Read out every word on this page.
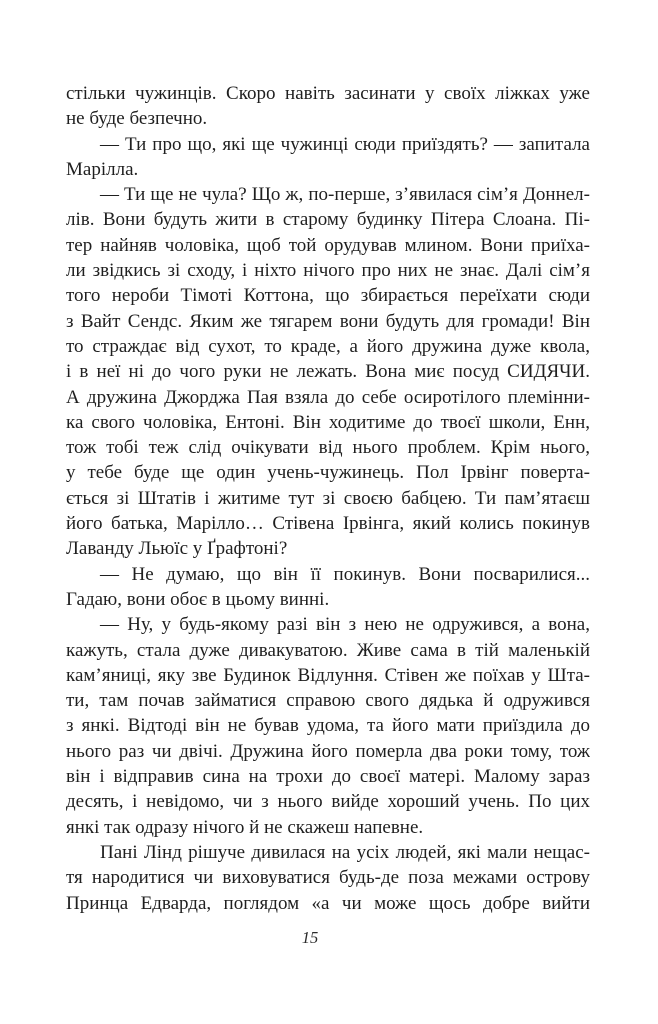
стільки чужинців. Скоро навіть засинати у своїх ліжках уже
не буде безпечно.
— Ти про що, які ще чужинці сюди приїздять? — запитала
Марілла.
— Ти ще не чула? Що ж, по-перше, з’явилася сім’я Доннел-
лів. Вони будуть жити в старому будинку Пітера Слоана. Пі-
тер найняв чоловіка, щоб той орудував млином. Вони приїха-
ли звідкись зі сходу, і ніхто нічого про них не знає. Далі сім’я
того нероби Тімоті Коттона, що збирається переїхати сюди
з Вайт Сендс. Яким же тягарем вони будуть для громади! Він
то страждає від сухот, то краде, а його дружина дуже квола,
і в неї ні до чого руки не лежать. Вона миє посуд СИДЯЧИ.
А дружина Джорджа Пая взяла до себе осиротілого племінни-
ка свого чоловіка, Ентоні. Він ходитиме до твоєї школи, Енн,
тож тобі теж слід очікувати від нього проблем. Крім нього,
у тебе буде ще один учень-чужинець. Пол Ірвінг поверта-
ється зі Штатів і житиме тут зі своєю бабцею. Ти пам’ятаєш
його батька, Марілло… Стівена Ірвінга, який колись покинув
Лаванду Льюїс у Ґрафтоні?
— Не думаю, що він її покинув. Вони посварилися...
Гадаю, вони обоє в цьому винні.
— Ну, у будь-якому разі він з нею не одружився, а вона,
кажуть, стала дуже дивакуватою. Живе сама в тій маленькій
кам’яниці, яку зве Будинок Відлуння. Стівен же поїхав у Шта-
ти, там почав займатися справою свого дядька й одружився
з янкі. Відтоді він не бував удома, та його мати приїздила до
нього раз чи двічі. Дружина його померла два роки тому, тож
він і відправив сина на трохи до своєї матері. Малому зараз
десять, і невідомо, чи з нього вийде хороший учень. По цих
янкі так одразу нічого й не скажеш напевне.
Пані Лінд рішуче дивилася на усіх людей, які мали нещас-
тя народитися чи виховуватися будь-де поза межами острову
Принца Едварда, поглядом «а чи може щось добре вийти
15
